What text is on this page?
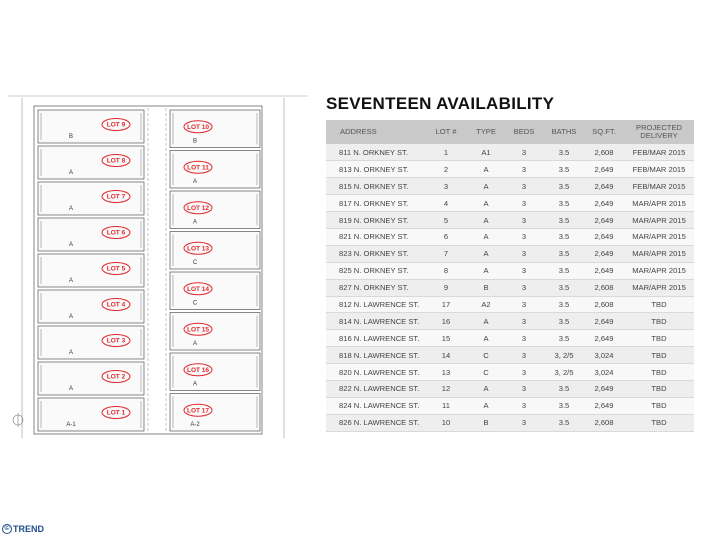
LOT 9
B
LOT 8
A
LOT 7
A
LOT 6
A
LOT 5
A
LOT 4
A
LOT 3
A
LOT 2
A
LOT 1
A-1
LOT 10
B
LOT 11
A
LOT 12
A
LOT 13
C
LOT 14
C
LOT 15
A
LOT 16
A
LOT 17
A-2
SEVENTEEN AVAILABILITY
ADDRESS	LOT #	TYPE	BEDS	BATHS	SQ.FT.	PROJECTED
DELIVERY
811 N. ORKNEY ST.	1	A1	3	3.5	2,608	FEB/MAR 2015
813 N. ORKNEY ST.	2	A	3	3.5	2,649	FEB/MAR 2015
815 N. ORKNEY ST.	3	A	3	3.5	2,649	FEB/MAR 2015
817 N. ORKNEY ST.	4	A	3	3.5	2,649	MAR/APR 2015
819 N. ORKNEY ST.	5	A	3	3.5	2,649	MAR/APR 2015
821 N. ORKNEY ST.	6	A	3	3.5	2,649	MAR/APR 2015
823 N. ORKNEY ST.	7	A	3	3.5	2,649	MAR/APR 2015
825 N. ORKNEY ST.	8	A	3	3.5	2,649	MAR/APR 2015
827 N. ORKNEY ST.	9	B	3	3.5	2,608	MAR/APR 2015
812 N. LAWRENCE ST.	17	A2	3	3.5	2,608	TBD
814 N. LAWRENCE ST.	16	A	3	3.5	2,649	TBD
816 N. LAWRENCE ST.	15	A	3	3.5	2,649	TBD
818 N. LAWRENCE ST.	14	C	3	3, 2/5	3,024	TBD
820 N. LAWRENCE ST.	13	C	3	3, 2/5	3,024	TBD
822 N. LAWRENCE ST.	12	A	3	3.5	2,649	TBD
824 N. LAWRENCE ST.	11	A	3	3.5	2,649	TBD
826 N. LAWRENCE ST.	10	B	3	3.5	2,608	TBD
© TREND
